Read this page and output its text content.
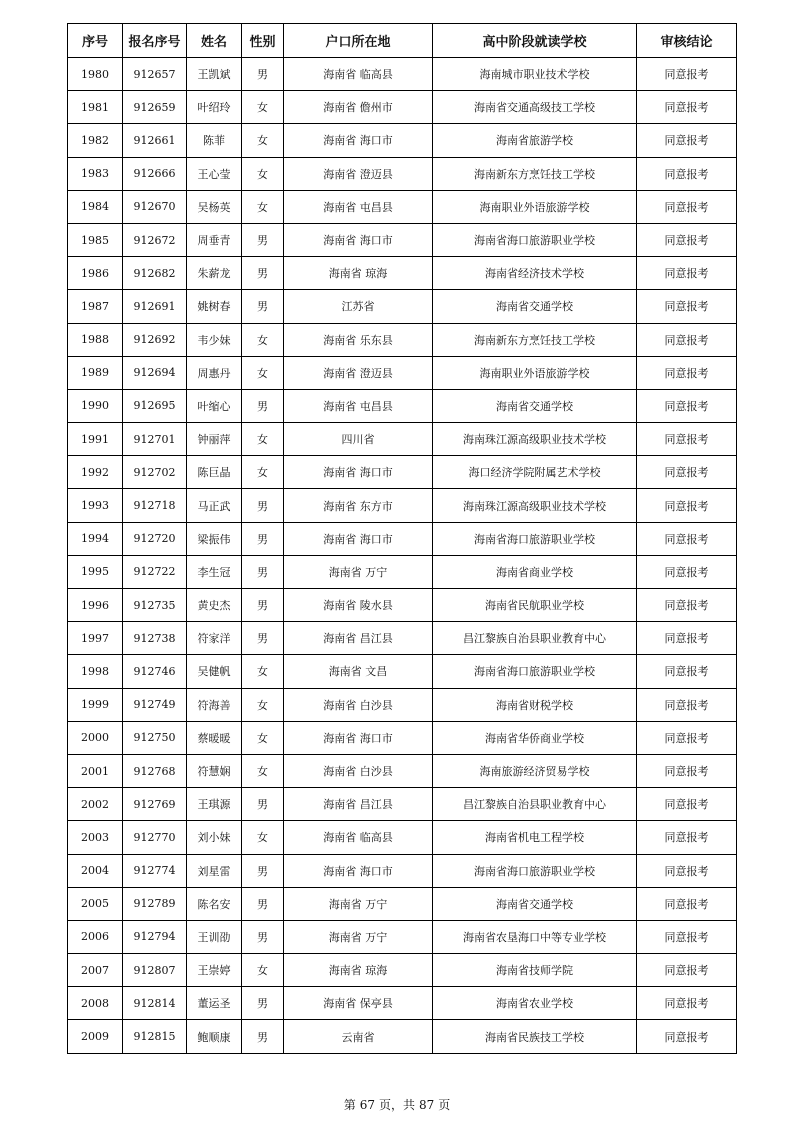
序号	报名序号	姓名	性别	户口所在地	高中阶段就读学校	审核结论
1980	912657	王凯斌	男	海南省 临高县	海南城市职业技术学校	同意报考
1981	912659	叶绍玲	女	海南省 儋州市	海南省交通高级技工学校	同意报考
1982	912661	陈菲	女	海南省 海口市	海南省旅游学校	同意报考
1983	912666	王心莹	女	海南省 澄迈县	海南新东方烹饪技工学校	同意报考
1984	912670	吴杨英	女	海南省 屯昌县	海南职业外语旅游学校	同意报考
1985	912672	周垂青	男	海南省 海口市	海南省海口旅游职业学校	同意报考
1986	912682	朱薪龙	男	海南省 琼海	海南省经济技术学校	同意报考
1987	912691	姚树春	男	江苏省	海南省交通学校	同意报考
1988	912692	韦少妹	女	海南省 乐东县	海南新东方烹饪技工学校	同意报考
1989	912694	周惠丹	女	海南省 澄迈县	海南职业外语旅游学校	同意报考
1990	912695	叶缩心	男	海南省 屯昌县	海南省交通学校	同意报考
1991	912701	钟丽萍	女	四川省	海南珠江源高级职业技术学校	同意报考
1992	912702	陈巨晶	女	海南省 海口市	海口经济学院附属艺术学校	同意报考
1993	912718	马正武	男	海南省 东方市	海南珠江源高级职业技术学校	同意报考
1994	912720	梁振伟	男	海南省 海口市	海南省海口旅游职业学校	同意报考
1995	912722	李生冠	男	海南省 万宁	海南省商业学校	同意报考
1996	912735	黄史杰	男	海南省 陵水县	海南省民航职业学校	同意报考
1997	912738	符家洋	男	海南省 昌江县	昌江黎族自治县职业教育中心	同意报考
1998	912746	吴健帆	女	海南省 文昌	海南省海口旅游职业学校	同意报考
1999	912749	符海善	女	海南省 白沙县	海南省财税学校	同意报考
2000	912750	蔡暖暖	女	海南省 海口市	海南省华侨商业学校	同意报考
2001	912768	符慧娴	女	海南省 白沙县	海南旅游经济贸易学校	同意报考
2002	912769	王琪源	男	海南省 昌江县	昌江黎族自治县职业教育中心	同意报考
2003	912770	刘小妹	女	海南省 临高县	海南省机电工程学校	同意报考
2004	912774	刘星雷	男	海南省 海口市	海南省海口旅游职业学校	同意报考
2005	912789	陈名安	男	海南省 万宁	海南省交通学校	同意报考
2006	912794	王训劭	男	海南省 万宁	海南省农垦海口中等专业学校	同意报考
2007	912807	王崇婷	女	海南省 琼海	海南省技师学院	同意报考
2008	912814	董运圣	男	海南省 保亭县	海南省农业学校	同意报考
2009	912815	鲍顺康	男	云南省	海南省民族技工学校	同意报考
第 67 页，共 87 页
